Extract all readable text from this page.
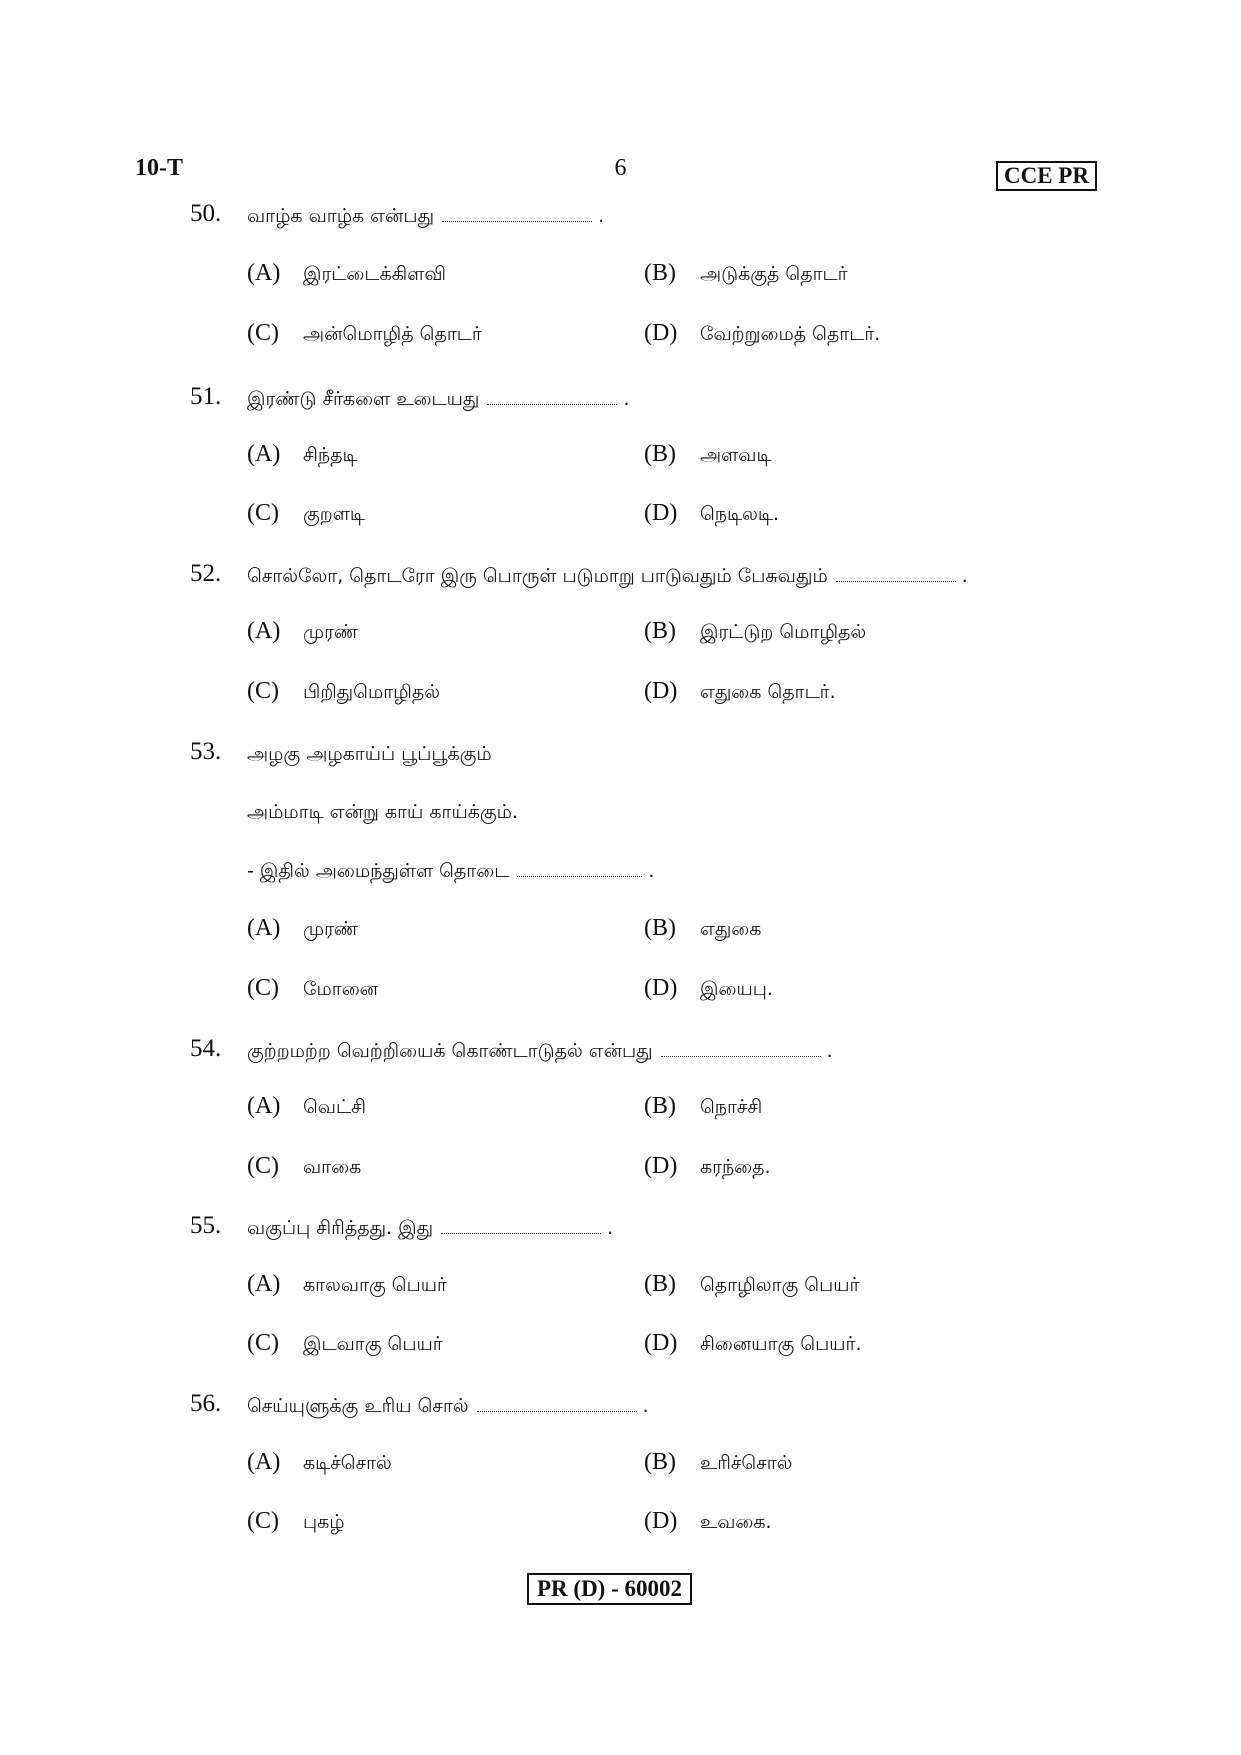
10-T	6	CCE PR
50. வாழ்க வாழ்க என்பது	.
(A) இரட்டைக்கிளவி	(B) அடுக்குத் தொடர்
(C) அன்மொழித் தொடர்	(D) வேற்றுமைத் தொடர்.
51. இரண்டு சீர்களை உடையது	.
(A) சிந்தடி	(B) அளவடி
(C) குறளடி	(D) நெடிலடி.
52. சொல்லோ, தொடரோ இரு பொருள் படுமாறு பாடுவதும் பேசுவதும்	.
(A) முரண்	(B) இரட்டுற மொழிதல்
(C) பிறிதுமொழிதல்	(D) எதுகை தொடர்.
53. அழகு அழகாய்ப் பூப்பூக்கும்
அம்மாடி என்று காய் காய்க்கும்.
- இதில் அமைந்துள்ள தொடை	.
(A) முரண்	(B) எதுகை
(C) மோனை	(D) இயைபு.
54. குற்றமற்ற வெற்றியைக் கொண்டாடுதல் என்பது	.
(A) வெட்சி	(B) நொச்சி
(C) வாகை	(D) கரந்தை.
55. வகுப்பு சிரித்தது. இது	.
(A) காலவாகு பெயர்	(B) தொழிலாகு பெயர்
(C) இடவாகு பெயர்	(D) சினையாகு பெயர்.
56. செய்யுளுக்கு உரிய சொல்	.
(A) கடிச்சொல்	(B) உரிச்சொல்
(C) புகழ்	(D) உவகை.
PR (D) - 60002
